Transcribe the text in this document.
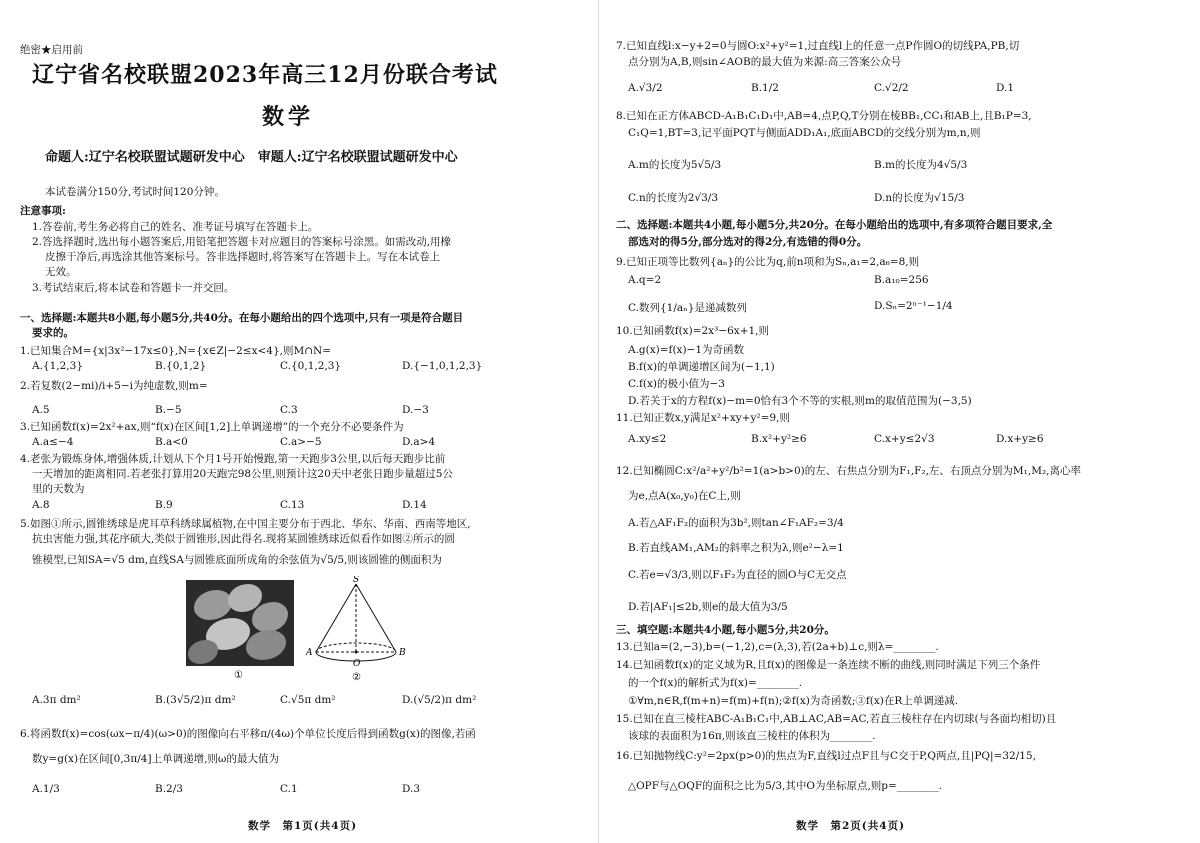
绝密★启用前
辽宁省名校联盟2023年高三12月份联合考试
数学
命题人:辽宁名校联盟试题研发中心　审题人:辽宁名校联盟试题研发中心
本试卷满分150分,考试时间120分钟。
注意事项:
1.答卷前,考生务必将自己的姓名、准考证号填写在答题卡上。
2.答选择题时,选出每小题答案后,用铅笔把答题卡对应题目的答案标号涂黑。如需改动,用橡
皮擦干净后,再选涂其他答案标号。答非选择题时,将答案写在答题卡上。写在本试卷上
无效。
3.考试结束后,将本试卷和答题卡一并交回。
一、选择题:本题共8小题,每小题5分,共40分。在每小题给出的四个选项中,只有一项是符合题目
要求的。
1.已知集合M={x|3x²−17x≤0},N={x∈Z|−2≤x<4},则M∩N=
A.{1,2,3}	B.{0,1,2}	C.{0,1,2,3}	D.{−1,0,1,2,3}
2.若复数(2−mi)/i+5−i为纯虚数,则m=
A.5	B.−5	C.3	D.−3
3.已知函数f(x)=2x²+ax,则“f(x)在区间[1,2]上单调递增”的一个充分不必要条件为
A.a≤−4	B.a<0	C.a>−5	D.a>4
4.老张为锻炼身体,增强体质,计划从下个月1号开始慢跑,第一天跑步3公里,以后每天跑步比前
一天增加的距离相同.若老张打算用20天跑完98公里,则预计这20天中老张日跑步量超过5公
里的天数为
A.8	B.9	C.13	D.14
5.如图①所示,圆锥绣球是虎耳草科绣球属植物,在中国主要分布于西北、华东、华南、西南等地区,
抗虫害能力强,其花序硕大,类似于圆锥形,因此得名.现将某圆锥绣球近似看作如图②所示的圆
锥模型,已知SA=√5 dm,直线SA与圆锥底面所成角的余弦值为√5/5,则该圆锥的侧面积为
①
S
A
O
B
②
A.3π dm²	B.(3√5/2)π dm²	C.√5π dm²	D.(√5/2)π dm²
6.将函数f(x)=cos(ωx−π/4)(ω>0)的图像向右平移π/(4ω)个单位长度后得到函数g(x)的图像,若函
数y=g(x)在区间[0,3π/4]上单调递增,则ω的最大值为
A.1/3	B.2/3	C.1	D.3
数学　第1页(共4页)
7.已知直线l:x−y+2=0与圆O:x²+y²=1,过直线l上的任意一点P作圆O的切线PA,PB,切
点分别为A,B,则sin∠AOB的最大值为来源:高三答案公众号
A.√3/2	B.1/2	C.√2/2	D.1
8.已知在正方体ABCD-A₁B₁C₁D₁中,AB=4,点P,Q,T分别在棱BB₁,CC₁和AB上,且B₁P=3,
C₁Q=1,BT=3,记平面PQT与侧面ADD₁A₁,底面ABCD的交线分别为m,n,则
A.m的长度为5√5/3	B.m的长度为4√5/3
C.n的长度为2√3/3	D.n的长度为√15/3
二、选择题:本题共4小题,每小题5分,共20分。在每小题给出的选项中,有多项符合题目要求,全
部选对的得5分,部分选对的得2分,有选错的得0分。
9.已知正项等比数列{aₙ}的公比为q,前n项和为Sₙ,a₁=2,a₆=8,则
A.q=2	B.a₁₀=256
C.数列{1/aₙ}是递减数列	D.Sₙ=2ⁿ⁻¹−1/4
10.已知函数f(x)=2x³−6x+1,则
A.g(x)=f(x)−1为奇函数
B.f(x)的单调递增区间为(−1,1)
C.f(x)的极小值为−3
D.若关于x的方程f(x)−m=0恰有3个不等的实根,则m的取值范围为(−3,5)
11.已知正数x,y满足x²+xy+y²=9,则
A.xy≤2	B.x²+y²≥6	C.x+y≤2√3	D.x+y≥6
12.已知椭圆C:x²/a²+y²/b²=1(a>b>0)的左、右焦点分别为F₁,F₂,左、右顶点分别为M₁,M₂,离心率
为e,点A(x₀,y₀)在C上,则
A.若△AF₁F₂的面积为3b²,则tan∠F₁AF₂=3/4
B.若直线AM₁,AM₂的斜率之积为λ,则e²−λ=1
C.若e=√3/3,则以F₁F₂为直径的圆O与C无交点
D.若|AF₁|≤2b,则e的最大值为3/5
三、填空题:本题共4小题,每小题5分,共20分。
13.已知a=(2,−3),b=(−1,2),c=(λ,3),若(2a+b)⊥c,则λ=________.
14.已知函数f(x)的定义域为R,且f(x)的图像是一条连续不断的曲线,则同时满足下列三个条件
的一个f(x)的解析式为f(x)=________.
①∀m,n∈R,f(m+n)=f(m)+f(n);②f(x)为奇函数;③f(x)在R上单调递减.
15.已知在直三棱柱ABC-A₁B₁C₁中,AB⊥AC,AB=AC,若直三棱柱存在内切球(与各面均相切)且
该球的表面积为16π,则该直三棱柱的体积为________.
16.已知抛物线C:y²=2px(p>0)的焦点为F,直线l过点F且与C交于P,Q两点,且|PQ|=32/15,
△OPF与△OQF的面积之比为5/3,其中O为坐标原点,则p=________.
数学　第2页(共4页)
